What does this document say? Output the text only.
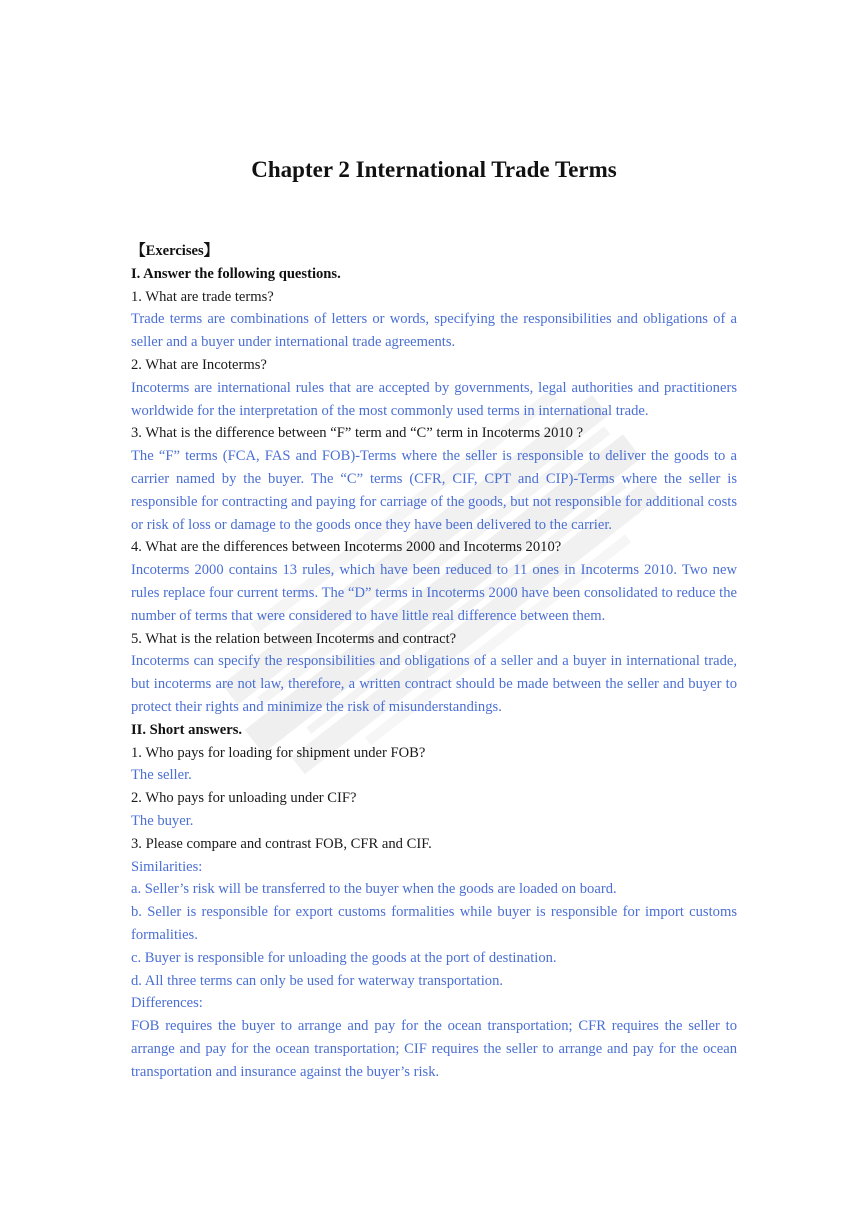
Chapter 2 International Trade Terms

【Exercises】

I. Answer the following questions.

1. What are trade terms?

Trade terms are combinations of letters or words, specifying the responsibilities and obligations of a seller and a buyer under international trade agreements.

2. What are Incoterms?

Incoterms are international rules that are accepted by governments, legal authorities and practitioners worldwide for the interpretation of the most commonly used terms in international trade.

3. What is the difference between “F” term and “C” term in Incoterms 2010 ?

The “F” terms (FCA, FAS and FOB)-Terms where the seller is responsible to deliver the goods to a carrier named by the buyer. The “C” terms (CFR, CIF, CPT and CIP)-Terms where the seller is responsible for contracting and paying for carriage of the goods, but not responsible for additional costs or risk of loss or damage to the goods once they have been delivered to the carrier.

4. What are the differences between Incoterms 2000 and Incoterms 2010?

Incoterms 2000 contains 13 rules, which have been reduced to 11 ones in Incoterms 2010. Two new rules replace four current terms. The “D” terms in Incoterms 2000 have been consolidated to reduce the number of terms that were considered to have little real difference between them.

5. What is the relation between Incoterms and contract?

Incoterms can specify the responsibilities and obligations of a seller and a buyer in international trade, but incoterms are not law, therefore, a written contract should be made between the seller and buyer to protect their rights and minimize the risk of misunderstandings.

II. Short answers.

1. Who pays for loading for shipment under FOB?

The seller.

2. Who pays for unloading under CIF?

The buyer.

3. Please compare and contrast FOB, CFR and CIF.

Similarities:

a. Seller’s risk will be transferred to the buyer when the goods are loaded on board.

b. Seller is responsible for export customs formalities while buyer is responsible for import customs formalities.

c. Buyer is responsible for unloading the goods at the port of destination.

d. All three terms can only be used for waterway transportation.

Differences:

FOB requires the buyer to arrange and pay for the ocean transportation; CFR requires the seller to arrange and pay for the ocean transportation; CIF requires the seller to arrange and pay for the ocean transportation and insurance against the buyer’s risk.
